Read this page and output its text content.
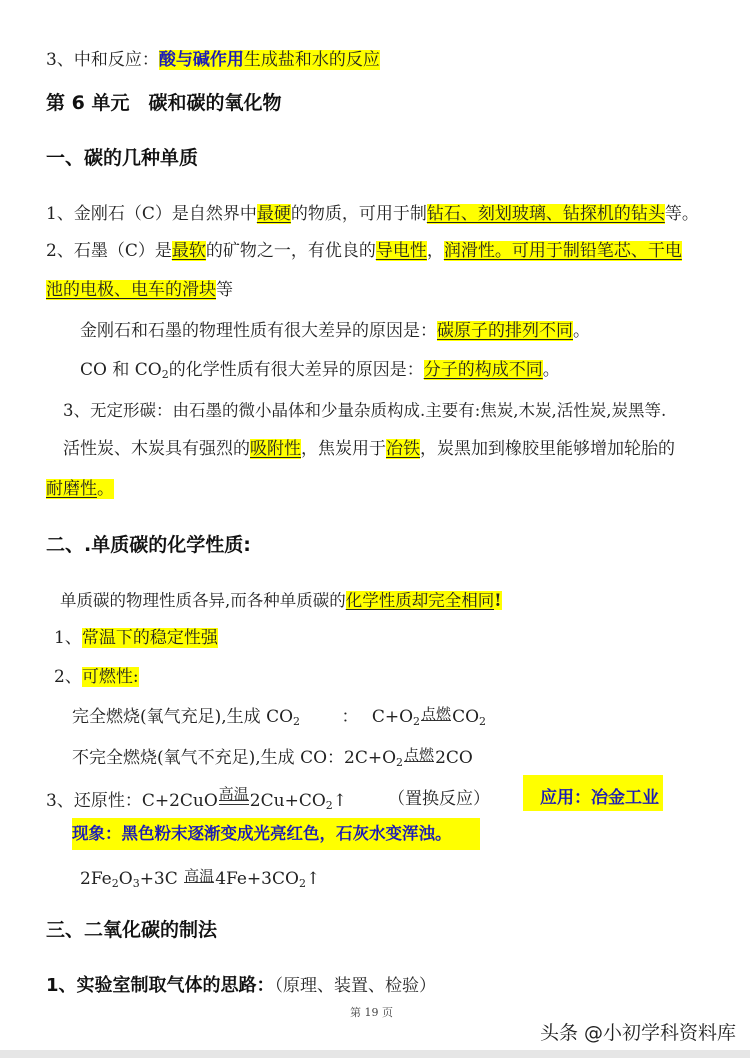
3、中和反应：酸与碱作用生成盐和水的反应
第 6 单元　碳和碳的氧化物
一、碳的几种单质
1、金刚石（C）是自然界中最硬的物质，可用于制钻石、刻划玻璃、钻探机的钻头等。
2、石墨（C）是最软的矿物之一，有优良的导电性，润滑性。可用于制铅笔芯、干电
池的电极、电车的滑块等
金刚石和石墨的物理性质有很大差异的原因是：碳原子的排列不同。
CO 和 $CO_2$的化学性质有很大差异的原因是：分子的构成不同。
3、无定形碳：由石墨的微小晶体和少量杂质构成.主要有:焦炭,木炭,活性炭,炭黑等.
活性炭、木炭具有强烈的吸附性，焦炭用于冶铁，炭黑加到橡胶里能够增加轮胎的
耐磨性。
二、.单质碳的化学性质:
单质碳的物理性质各异,而各种单质碳的化学性质却完全相同!
1、常温下的稳定性强
2、可燃性:
完全燃烧(氧气充足),生成 $CO_2$ ： $C+O_2$ 点燃 $CO_2$
不完全燃烧(氧气不充足),生成 CO：$2C+O_2$ 点燃 2CO
3、还原性：C+2CuO 高温 $2Cu+CO_2↑$ （置换反应）	应用：冶金工业
现象：黑色粉末逐渐变成光亮红色，石灰水变浑浊。
$2Fe_2O_3+3C$ 高温 $4Fe+3CO_2↑$
三、二氧化碳的制法
1、实验室制取气体的思路：（原理、装置、检验）
第 19 页
头条 @小初学科资料库
